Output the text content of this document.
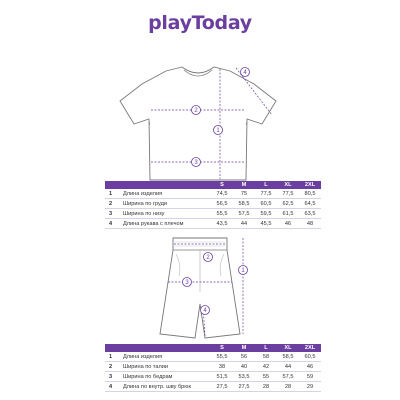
playToday
1
2
3
4
		S	M	L	XL	2XL
1	Длина изделия	74,5	75	77,5	77,5	80,5
2	Ширина по груди	56,5	58,5	60,5	62,5	64,5
3	Ширина по низу	55,5	57,5	59,5	61,5	63,5
4	Длина рукава с плечом	43,5	44	45,5	46	48
1
2
3
4
		S	M	L	XL	2XL
1	Длина изделия	55,5	56	58	58,5	60,5
2	Ширина по талии	38	40	42	44	46
3	Ширина по бедрам	51,5	53,5	55	57,5	59
4	Длина по внутр. шву брюк	27,5	27,5	28	28	29
